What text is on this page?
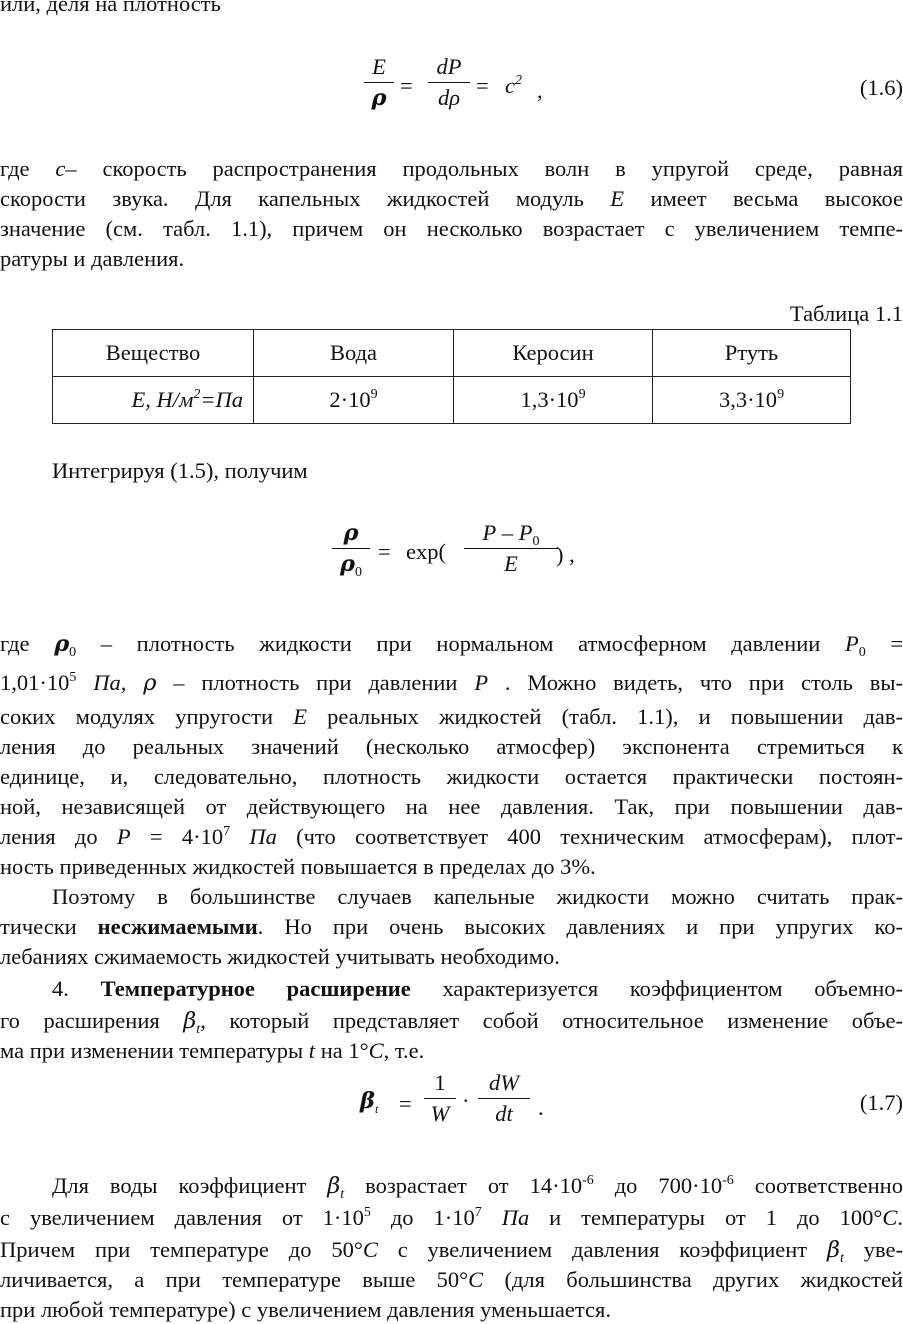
или, деля на плотность
E
ρ =
dP
$d\rho = c^2$ ,	(1.6)
где c– скорость распространения продольных волн в упругой среде, равная
скорости звука. Для капельных жидкостей модуль E имеет весьма высокое
значение (см. табл. 1.1), причем он несколько возрастает с увеличением темпе-
ратуры и давления.
Таблица 1.1
Вещество	Вода	Керосин	Ртуть
E, $Н/м^2=Па$	$2\cdot 10^9$	$1,3\cdot 10^9$	$3,3\cdot 10^9$
Интегрируя (1.5), получим
ρ
$\rho_0$
= exp(
P – $P_0$
E	) ,
где $\rho_0$ – плотность жидкости при нормальном атмосферном давлении $P_0$ =
$1,01\cdot 10^5$ Па, ρ – плотность при давлении P . Можно видеть, что при столь вы-
соких модулях упругости E реальных жидкостей (табл. 1.1), и повышении дав-
ления до реальных значений (несколько атмосфер) экспонента стремиться к
единице, и, следовательно, плотность жидкости остается практически постоян-
ной, независящей от действующего на нее давления. Так, при повышении дав-
ления до $P = 4\cdot 10^7$ Па (что соответствует 400 техническим атмосферам), плот-
ность приведенных жидкостей повышается в пределах до 3%.
Поэтому в большинстве случаев капельные жидкости можно считать прак-
тически несжимаемыми. Но при очень высоких давлениях и при упругих ко-
лебаниях сжимаемость жидкостей учитывать необходимо.
4. Температурное расширение характеризуется коэффициентом объемно-
го расширения $\beta_t$, который представляет собой относительное изменение объе-
ма при изменении температуры t на 1°C, т.е.
$\beta_t$ =
1
W ·
dW
dt	.	(1.7)
Для воды коэффициент $\beta_t$ возрастает от $14\cdot 10^{-6}$ до $700\cdot 10^{-6}$ соответственно
с увеличением давления от $1\cdot 10^5$ до $1\cdot 10^7$ Па и температуры от 1 до 100°C.
Причем при температуре до 50°C с увеличением давления коэффициент $\beta_t$ уве-
личивается, а при температуре выше 50°C (для большинства других жидкостей
при любой температуре) с увеличением давления уменьшается.
